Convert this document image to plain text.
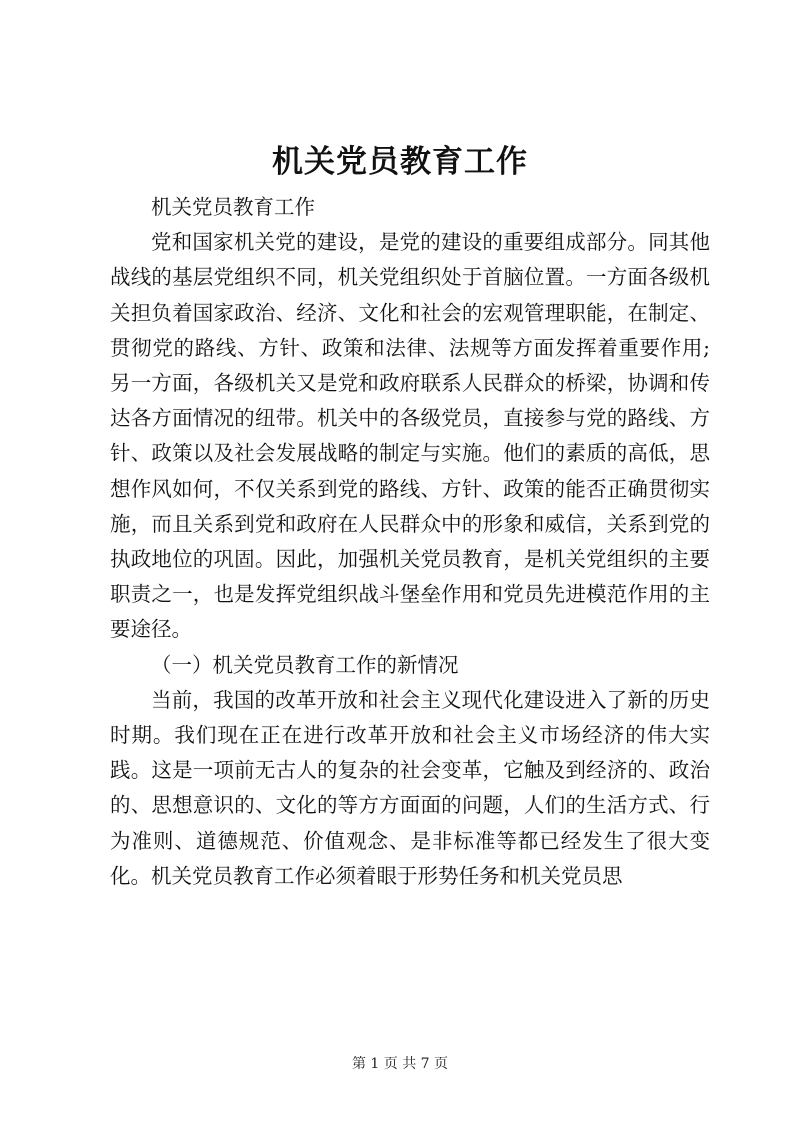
机关党员教育工作

机关党员教育工作

党和国家机关党的建设，是党的建设的重要组成部分。同其他战线的基层党组织不同，机关党组织处于首脑位置。一方面各级机关担负着国家政治、经济、文化和社会的宏观管理职能，在制定、贯彻党的路线、方针、政策和法律、法规等方面发挥着重要作用;另一方面，各级机关又是党和政府联系人民群众的桥梁，协调和传达各方面情况的纽带。机关中的各级党员，直接参与党的路线、方针、政策以及社会发展战略的制定与实施。他们的素质的高低，思想作风如何，不仅关系到党的路线、方针、政策的能否正确贯彻实施，而且关系到党和政府在人民群众中的形象和威信，关系到党的执政地位的巩固。因此，加强机关党员教育，是机关党组织的主要职责之一，也是发挥党组织战斗堡垒作用和党员先进模范作用的主要途径。

（一）机关党员教育工作的新情况

当前，我国的改革开放和社会主义现代化建设进入了新的历史时期。我们现在正在进行改革开放和社会主义市场经济的伟大实践。这是一项前无古人的复杂的社会变革，它触及到经济的、政治的、思想意识的、文化的等方方面面的问题，人们的生活方式、行为准则、道德规范、价值观念、是非标准等都已经发生了很大变化。机关党员教育工作必须着眼于形势任务和机关党员思

第 1 页 共 7 页
